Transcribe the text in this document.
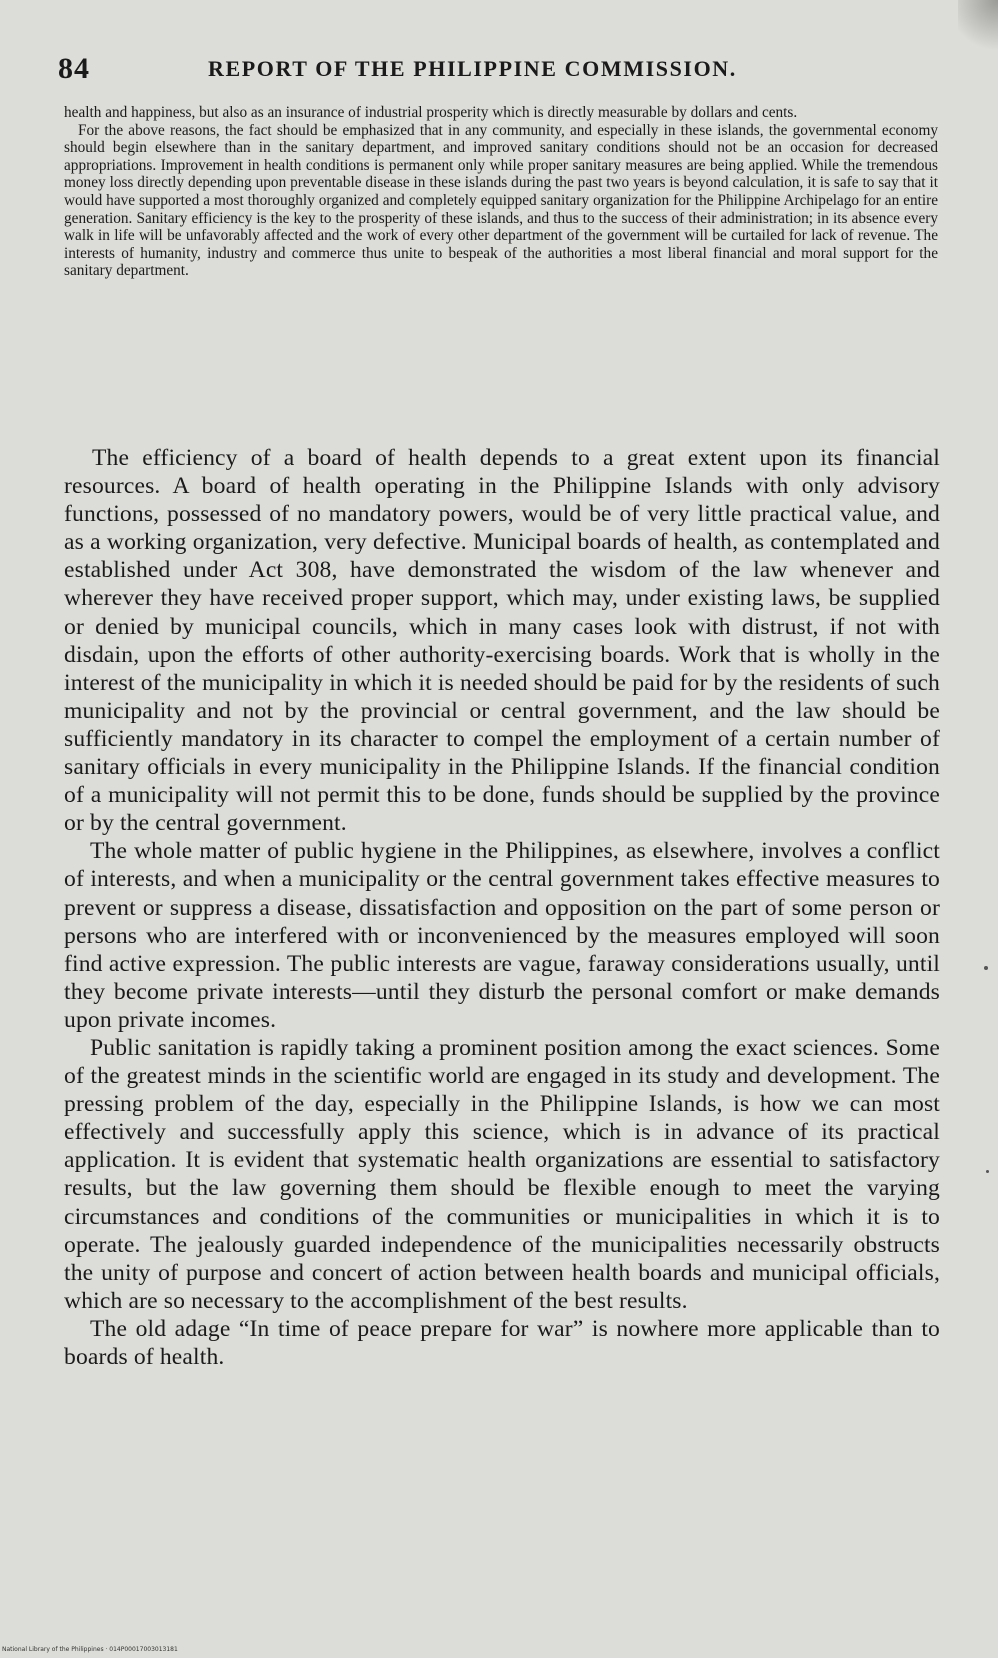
84	REPORT OF THE PHILIPPINE COMMISSION.

health and happiness, but also as an insurance of industrial prosperity which is directly measurable by dollars and cents.

For the above reasons, the fact should be emphasized that in any community, and especially in these islands, the governmental economy should begin elsewhere than in the sanitary department, and improved sanitary conditions should not be an occasion for decreased appropriations. Improvement in health conditions is permanent only while proper sanitary measures are being applied. While the tremendous money loss directly depending upon preventable disease in these islands during the past two years is beyond calculation, it is safe to say that it would have supported a most thoroughly organized and completely equipped sanitary organization for the Philippine Archipelago for an entire generation. Sanitary efficiency is the key to the prosperity of these islands, and thus to the success of their administration; in its absence every walk in life will be unfavorably affected and the work of every other department of the government will be curtailed for lack of revenue. The interests of humanity, industry and commerce thus unite to bespeak of the authorities a most liberal financial and moral support for the sanitary department.

The efficiency of a board of health depends to a great extent upon its financial resources. A board of health operating in the Philippine Islands with only advisory functions, possessed of no mandatory powers, would be of very little practical value, and as a working organization, very defective. Municipal boards of health, as contemplated and established under Act 308, have demonstrated the wisdom of the law whenever and wherever they have received proper support, which may, under existing laws, be supplied or denied by municipal councils, which in many cases look with distrust, if not with disdain, upon the efforts of other authority-exercising boards. Work that is wholly in the interest of the municipality in which it is needed should be paid for by the residents of such municipality and not by the provincial or central government, and the law should be sufficiently mandatory in its character to compel the employment of a certain number of sanitary officials in every municipality in the Philippine Islands. If the financial condition of a municipality will not permit this to be done, funds should be supplied by the province or by the central government.

The whole matter of public hygiene in the Philippines, as elsewhere, involves a conflict of interests, and when a municipality or the central government takes effective measures to prevent or suppress a disease, dissatisfaction and opposition on the part of some person or persons who are interfered with or inconvenienced by the measures employed will soon find active expression. The public interests are vague, faraway considerations usually, until they become private interests—until they disturb the personal comfort or make demands upon private incomes.

Public sanitation is rapidly taking a prominent position among the exact sciences. Some of the greatest minds in the scientific world are engaged in its study and development. The pressing problem of the day, especially in the Philippine Islands, is how we can most effectively and successfully apply this science, which is in advance of its practical application. It is evident that systematic health organizations are essential to satisfactory results, but the law governing them should be flexible enough to meet the varying circumstances and conditions of the communities or municipalities in which it is to operate. The jealously guarded independence of the municipalities necessarily obstructs the unity of purpose and concert of action between health boards and municipal officials, which are so necessary to the accomplishment of the best results.

The old adage “In time of peace prepare for war” is nowhere more applicable than to boards of health.

National Library of the Philippines · 014P00017003013181
